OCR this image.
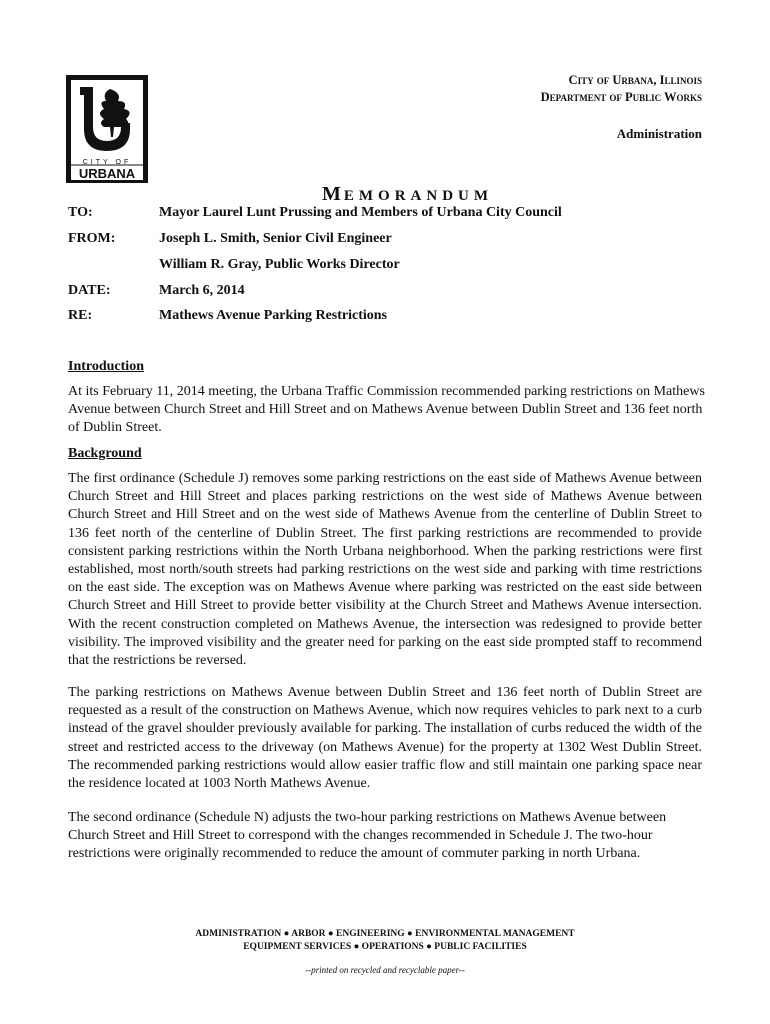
CITY OF
URBANA
City of Urbana, Illinois
Department of Public Works
Administration
MEMORANDUM
TO:	Mayor Laurel Lunt Prussing and Members of Urbana City Council
FROM:	Joseph L. Smith, Senior Civil Engineer
William R. Gray, Public Works Director
DATE:	March 6, 2014
RE:	Mathews Avenue Parking Restrictions
Introduction

At its February 11, 2014 meeting, the Urbana Traffic Commission recommended parking restrictions on Mathews Avenue between Church Street and Hill Street and on Mathews Avenue between Dublin Street and 136 feet north of Dublin Street.

Background

The first ordinance (Schedule J) removes some parking restrictions on the east side of Mathews Avenue between Church Street and Hill Street and places parking restrictions on the west side of Mathews Avenue between Church Street and Hill Street and on the west side of Mathews Avenue from the centerline of Dublin Street to 136 feet north of the centerline of Dublin Street. The first parking restrictions are recommended to provide consistent parking restrictions within the North Urbana neighborhood. When the parking restrictions were first established, most north/south streets had parking restrictions on the west side and parking with time restrictions on the east side. The exception was on Mathews Avenue where parking was restricted on the east side between Church Street and Hill Street to provide better visibility at the Church Street and Mathews Avenue intersection. With the recent construction completed on Mathews Avenue, the intersection was redesigned to provide better visibility. The improved visibility and the greater need for parking on the east side prompted staff to recommend that the restrictions be reversed.

The parking restrictions on Mathews Avenue between Dublin Street and 136 feet north of Dublin Street are requested as a result of the construction on Mathews Avenue, which now requires vehicles to park next to a curb instead of the gravel shoulder previously available for parking. The installation of curbs reduced the width of the street and restricted access to the driveway (on Mathews Avenue) for the property at 1302 West Dublin Street. The recommended parking restrictions would allow easier traffic flow and still maintain one parking space near the residence located at 1003 North Mathews Avenue.

The second ordinance (Schedule N) adjusts the two-hour parking restrictions on Mathews Avenue between Church Street and Hill Street to correspond with the changes recommended in Schedule J. The two-hour restrictions were originally recommended to reduce the amount of commuter parking in north Urbana.

ADMINISTRATION ● ARBOR ● ENGINEERING ● ENVIRONMENTAL MANAGEMENT
EQUIPMENT SERVICES ● OPERATIONS ● PUBLIC FACILITIES
--printed on recycled and recyclable paper--
